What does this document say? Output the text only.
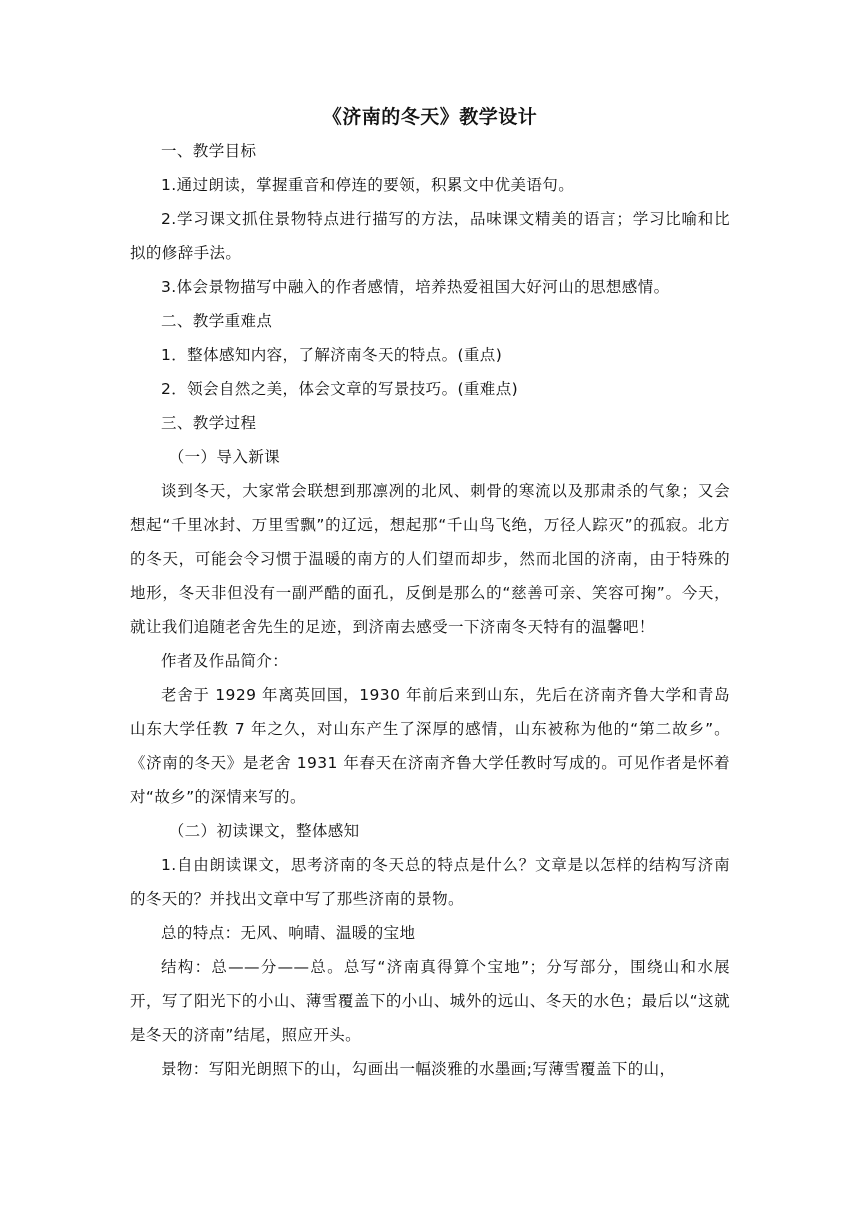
《济南的冬天》教学设计

一、教学目标

1.通过朗读，掌握重音和停连的要领，积累文中优美语句。

2.学习课文抓住景物特点进行描写的方法，品味课文精美的语言；学习比喻和比拟的修辞手法。

3.体会景物描写中融入的作者感情，培养热爱祖国大好河山的思想感情。

二、教学重难点

1．整体感知内容，了解济南冬天的特点。(重点)

2．领会自然之美，体会文章的写景技巧。(重难点)

三、教学过程

（一）导入新课

谈到冬天，大家常会联想到那凛冽的北风、刺骨的寒流以及那肃杀的气象；又会想起“千里冰封、万里雪飘”的辽远，想起那“千山鸟飞绝，万径人踪灭”的孤寂。北方的冬天，可能会令习惯于温暖的南方的人们望而却步，然而北国的济南，由于特殊的地形，冬天非但没有一副严酷的面孔，反倒是那么的“慈善可亲、笑容可掬”。今天，就让我们追随老舍先生的足迹，到济南去感受一下济南冬天特有的温馨吧！

作者及作品简介：

老舍于 1929 年离英回国，1930 年前后来到山东，先后在济南齐鲁大学和青岛山东大学任教 7 年之久，对山东产生了深厚的感情，山东被称为他的“第二故乡”。《济南的冬天》是老舍 1931 年春天在济南齐鲁大学任教时写成的。可见作者是怀着对“故乡”的深情来写的。

（二）初读课文，整体感知

1.自由朗读课文，思考济南的冬天总的特点是什么？文章是以怎样的结构写济南的冬天的？并找出文章中写了那些济南的景物。

总的特点：无风、响晴、温暖的宝地

结构：总——分——总。总写“济南真得算个宝地”；分写部分，围绕山和水展开，写了阳光下的小山、薄雪覆盖下的小山、城外的远山、冬天的水色；最后以“这就是冬天的济南”结尾，照应开头。

景物：写阳光朗照下的山，勾画出一幅淡雅的水墨画;写薄雪覆盖下的山，
